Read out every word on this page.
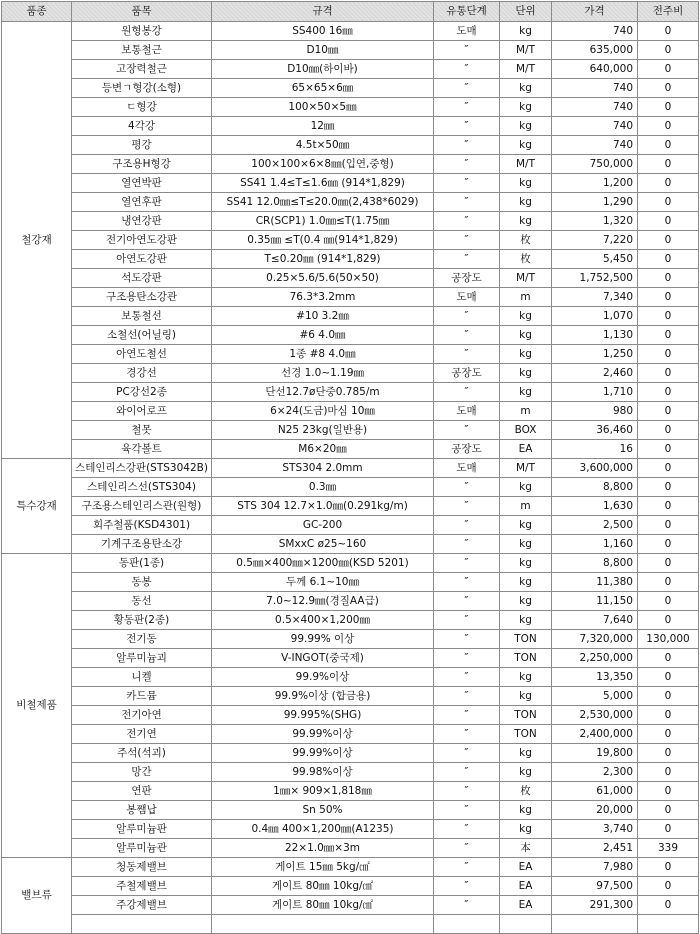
품종	품목	규격	유통단계	단위	가격	전주비
철강재	원형봉강	SS400 16㎜	도매	kg	740	0
	보통철근	D10㎜	″	M/T	635,000	0
	고장력철근	D10㎜(하이바)	″	M/T	640,000	0
	등변ㄱ형강(소형)	65×65×6㎜	″	kg	740	0
	ㄷ형강	100×50×5㎜	″	kg	740	0
	4각강	12㎜	″	kg	740	0
	평강	4.5t×50㎜	″	kg	740	0
	구조용H형강	100×100×6×8㎜(입연,중형)	″	M/T	750,000	0
	열연박판	SS41 1.4≤T≤1.6㎜ (914*1,829)	″	kg	1,200	0
	열연후판	SS41 12.0㎜≤T≤20.0㎜(2,438*6029)	″	kg	1,290	0
	냉연강판	CR(SCP1) 1.0㎜≤T(1.75㎜	″	kg	1,320	0
	전기아연도강판	0.35㎜ ≤T(0.4 ㎜(914*1,829)	″	枚	7,220	0
	아연도강판	T≤0.20㎜ (914*1,829)	″	枚	5,450	0
	석도강판	0.25×5.6/5.6(50×50)	공장도	M/T	1,752,500	0
	구조용탄소강관	76.3*3.2mm	도매	m	7,340	0
	보통철선	#10 3.2㎜	″	kg	1,070	0
	소철선(어닐링)	#6 4.0㎜	″	kg	1,130	0
	아연도철선	1종 #8 4.0㎜	″	kg	1,250	0
	경강선	선경 1.0~1.19㎜	공장도	kg	2,460	0
	PC강선2종	단선12.7ø단중0.785/m	″	kg	1,710	0
	와이어로프	6×24(도금)마심 10㎜	도매	m	980	0
	철못	N25 23kg(일반용)	″	BOX	36,460	0
	육각볼트	M6×20㎜	공장도	EA	16	0
특수강재	스테인리스강판(STS3042B)	STS304 2.0mm	도매	M/T	3,600,000	0
	스테인리스선(STS304)	0.3㎜	″	kg	8,800	0
	구조용스테인리스관(원형)	STS 304 12.7×1.0㎜(0.291kg/m)	″	m	1,630	0
	회주철품(KSD4301)	GC-200	″	kg	2,500	0
	기계구조용탄소강	SMxxC ø25~160	″	kg	1,160	0
비철제품	동판(1종)	0.5㎜×400㎜×1200㎜(KSD 5201)	″	kg	8,800	0
	동봉	두께 6.1~10㎜	″	kg	11,380	0
	동선	7.0~12.9㎜(경질AA급)	″	kg	11,150	0
	황동판(2종)	0.5×400×1,200㎜	″	kg	7,640	0
	전기동	99.99% 이상	″	TON	7,320,000	130,000
	알루미늄괴	V-INGOT(중국제)	″	TON	2,250,000	0
	니켈	99.9%이상	″	kg	13,350	0
	카드뮴	99.9%이상 (합금용)	″	kg	5,000	0
	전기아연	99.995%(SHG)	″	TON	2,530,000	0
	전기연	99.99%이상	″	TON	2,400,000	0
	주석(석괴)	99.99%이상	″	kg	19,800	0
	망간	99.98%이상	″	kg	2,300	0
	연판	1㎜× 909×1,818㎜	″	枚	61,000	0
	봉쨈납	Sn 50%	″	kg	20,000	0
	알루미늄판	0.4㎜ 400×1,200㎜(A1235)	″	kg	3,740	0
	알루미늄관	22×1.0㎜×3m	″	本	2,451	339
밸브류	청동제밸브	게이트 15㎜ 5kg/㎠	″	EA	7,980	0
	주철제밸브	게이트 80㎜ 10kg/㎠	″	EA	97,500	0
	주강제밸브	게이트 80㎜ 10kg/㎠	″	EA	291,300	0
